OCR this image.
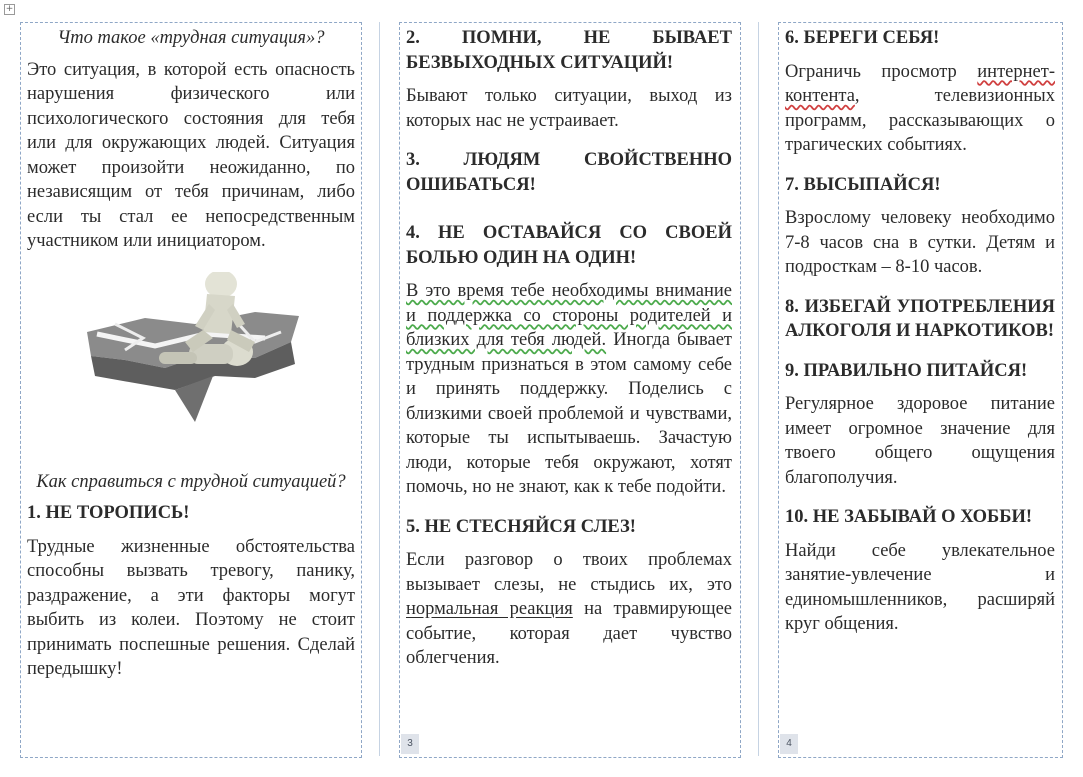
+

Что такое «трудная ситуация»?

Это ситуация, в которой есть опасность нарушения физического или психологического состояния для тебя или для окружающих людей. Ситуация может произойти неожиданно, по независящим от тебя причинам, либо если ты стал ее непосредственным участником или инициатором.

Как справиться с трудной ситуацией?

1. НЕ ТОРОПИСЬ!

Трудные жизненные обстоятельства способны вызвать тревогу, панику, раздражение, а эти факторы могут выбить из колеи. Поэтому не стоит принимать поспешные решения. Сделай передышку!

2. ПОМНИ, НЕ БЫВАЕТ БЕЗВЫХОДНЫХ СИТУАЦИЙ!

Бывают только ситуации, выход из которых нас не устраивает.

3. ЛЮДЯМ СВОЙСТВЕННО ОШИБАТЬСЯ!

4. НЕ ОСТАВАЙСЯ СО СВОЕЙ БОЛЬЮ ОДИН НА ОДИН!

В это время тебе необходимы внимание и поддержка со стороны родителей и близких для тебя людей. Иногда бывает трудным признаться в этом самому себе и принять поддержку. Поделись с близкими своей проблемой и чувствами, которые ты испытываешь. Зачастую люди, которые тебя окружают, хотят помочь, но не знают, как к тебе подойти.

5. НЕ СТЕСНЯЙСЯ СЛЕЗ!

Если разговор о твоих проблемах вызывает слезы, не стыдись их, это нормальная реакция на травмирующее событие, которая дает чувство облегчения.

3

6. БЕРЕГИ СЕБЯ!

Ограничь просмотр интернет-контента, телевизионных программ, рассказывающих о трагических событиях.

7. ВЫСЫПАЙСЯ!

Взрослому человеку необходимо 7-8 часов сна в сутки. Детям и подросткам – 8-10 часов.

8. ИЗБЕГАЙ УПОТРЕБЛЕНИЯ АЛКОГОЛЯ И НАРКОТИКОВ!

9. ПРАВИЛЬНО ПИТАЙСЯ!

Регулярное здоровое питание имеет огромное значение для твоего общего ощущения благополучия.

10. НЕ ЗАБЫВАЙ О ХОББИ!

Найди себе увлекательное занятие-увлечение и единомышленников, расширяй круг общения.

4
